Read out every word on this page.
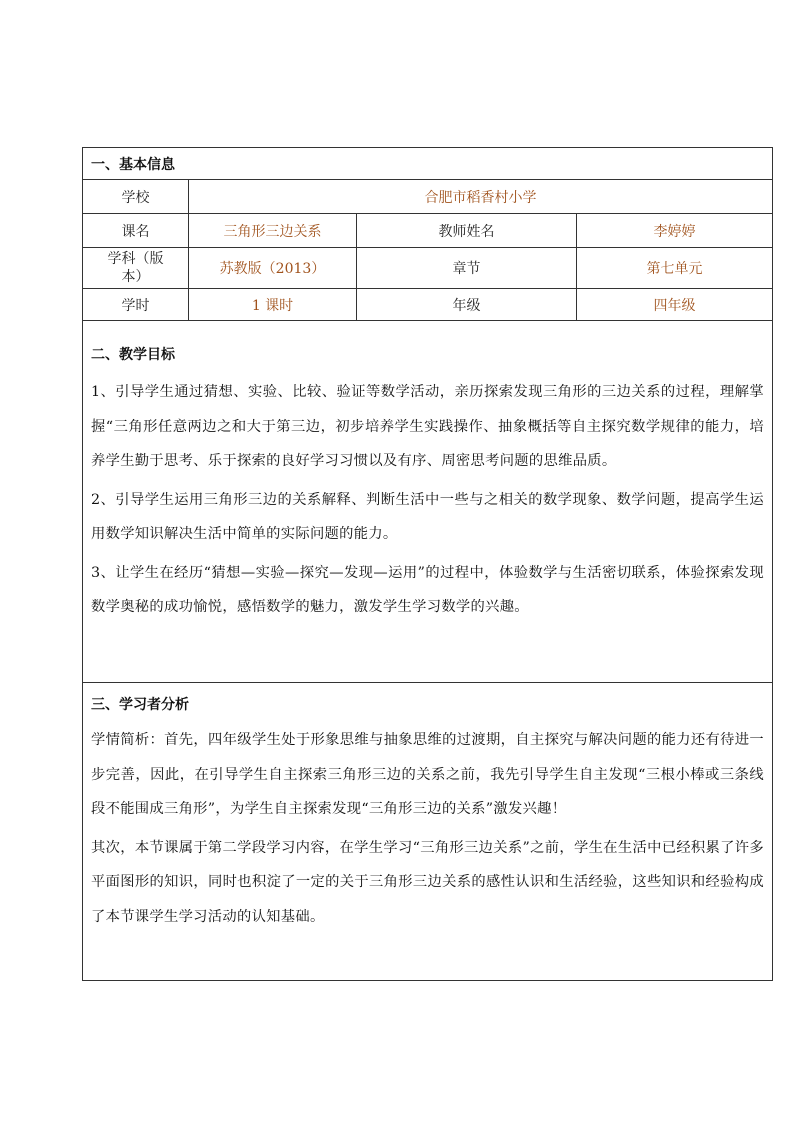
一、基本信息			
学校	合肥市稻香村小学		
课名	三角形三边关系	教师姓名	李婷婷
学科（版本）	苏教版（2013）	章节	第七单元
学时	1 课时	年级	四年级

二、教学目标

1、引导学生通过猜想、实验、比较、验证等数学活动，亲历探索发现三角形的三边关系的过程，理解掌握“三角形任意两边之和大于第三边，初步培养学生实践操作、抽象概括等自主探究数学规律的能力，培养学生勤于思考、乐于探索的良好学习习惯以及有序、周密思考问题的思维品质。

2、引导学生运用三角形三边的关系解释、判断生活中一些与之相关的数学现象、数学问题，提高学生运用数学知识解决生活中简单的实际问题的能力。

3、让学生在经历“猜想—实验—探究—发现—运用”的过程中，体验数学与生活密切联系，体验探索发现数学奥秘的成功愉悦，感悟数学的魅力，激发学生学习数学的兴趣。			

三、学习者分析

学情简析：首先，四年级学生处于形象思维与抽象思维的过渡期，自主探究与解决问题的能力还有待进一步完善，因此，在引导学生自主探索三角形三边的关系之前，我先引导学生自主发现“三根小棒或三条线段不能围成三角形”，为学生自主探索发现“三角形三边的关系”激发兴趣！

其次，本节课属于第二学段学习内容，在学生学习“三角形三边关系”之前，学生在生活中已经积累了许多平面图形的知识，同时也积淀了一定的关于三角形三边关系的感性认识和生活经验，这些知识和经验构成了本节课学生学习活动的认知基础。			
